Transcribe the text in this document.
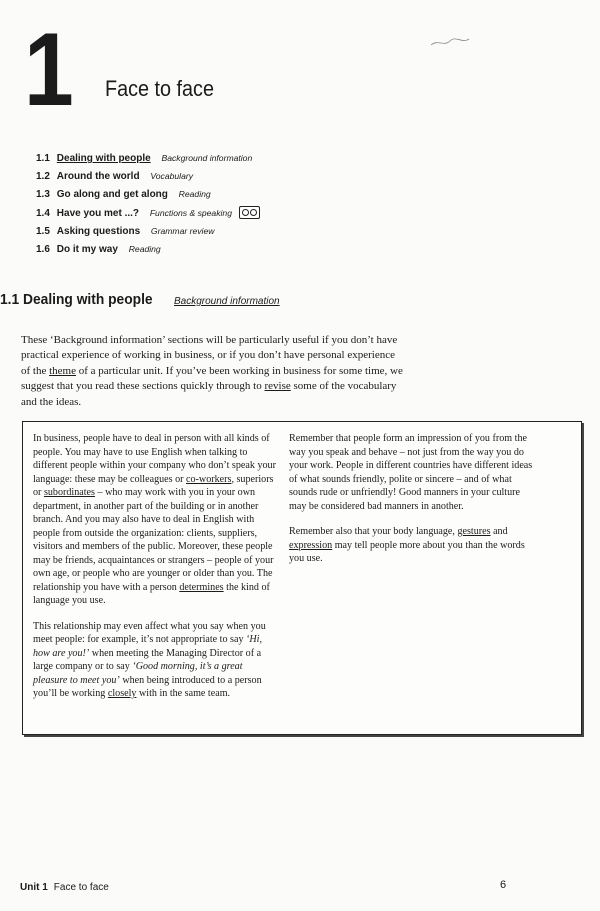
1 Face to face
1.1 Dealing with people Background information
1.2 Around the world Vocabulary
1.3 Go along and get along Reading
1.4 Have you met ...? Functions & speaking
1.5 Asking questions Grammar review
1.6 Do it my way Reading
1.1 Dealing with people Background information

These ‘Background information’ sections will be particularly useful if you don’t have practical experience of working in business, or if you don’t have personal experience of the theme of a particular unit. If you’ve been working in business for some time, we suggest that you read these sections quickly through to revise some of the vocabulary and the ideas.

In business, people have to deal in person with all kinds of people. You may have to use English when talking to different people within your company who don’t speak your language: these may be colleagues or co-workers, superiors or subordinates – who may work with you in your own department, in another part of the building or in another branch. And you may also have to deal in English with people from outside the organization: clients, suppliers, visitors and members of the public. Moreover, these people may be friends, acquaintances or strangers – people of your own age, or people who are younger or older than you. The relationship you have with a person determines the kind of language you use.

This relationship may even affect what you say when you meet people: for example, it’s not appropriate to say ‘Hi, how are you!’ when meeting the Managing Director of a large company or to say ‘Good morning, it’s a great pleasure to meet you’ when being introduced to a person you’ll be working closely with in the same team.

Remember that people form an impression of you from the way you speak and behave – not just from the way you do your work. People in different countries have different ideas of what sounds friendly, polite or sincere – and of what sounds rude or unfriendly! Good manners in your culture may be considered bad manners in another.

Remember also that your body language, gestures and expression may tell people more about you than the words you use.

Unit 1 Face to face	6
